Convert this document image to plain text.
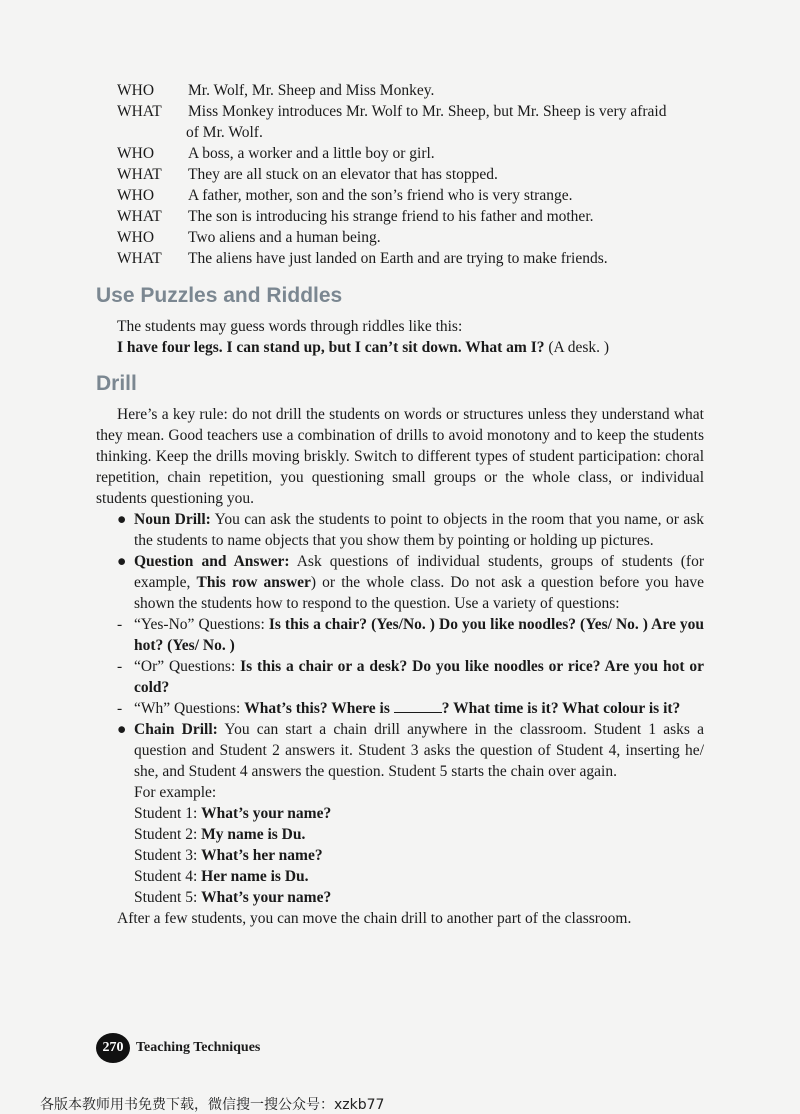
WHO	Mr. Wolf, Mr. Sheep and Miss Monkey.
WHAT	Miss Monkey introduces Mr. Wolf to Mr. Sheep, but Mr. Sheep is very afraid
of Mr. Wolf.
WHO	A boss, a worker and a little boy or girl.
WHAT	They are all stuck on an elevator that has stopped.
WHO	A father, mother, son and the son’s friend who is very strange.
WHAT	The son is introducing his strange friend to his father and mother.
WHO	Two aliens and a human being.
WHAT	The aliens have just landed on Earth and are trying to make friends.
Use Puzzles and Riddles
The students may guess words through riddles like this:
I have four legs. I can stand up, but I can’t sit down. What am I? (A desk. )
Drill
Here’s a key rule: do not drill the students on words or structures unless they understand what they mean. Good teachers use a combination of drills to avoid monotony and to keep the students thinking. Keep the drills moving briskly. Switch to different types of student participation: choral repetition, chain repetition, you questioning small groups or the whole class, or individual students questioning you.
● Noun Drill: You can ask the students to point to objects in the room that you name, or ask the students to name objects that you show them by pointing or holding up pictures.
● Question and Answer: Ask questions of individual students, groups of students (for example, This row answer) or the whole class. Do not ask a question before you have shown the students how to respond to the question. Use a variety of questions:
- “Yes-No” Questions: Is this a chair? (Yes/No. ) Do you like noodles? (Yes/ No. ) Are you hot? (Yes/ No. )
- “Or” Questions: Is this a chair or a desk? Do you like noodles or rice? Are you hot or cold?
- “Wh” Questions: What’s this? Where is	? What time is it? What colour is it?
● Chain Drill: You can start a chain drill anywhere in the classroom. Student 1 asks a question and Student 2 answers it. Student 3 asks the question of Student 4, inserting he/ she, and Student 4 answers the question. Student 5 starts the chain over again.
For example:
Student 1: What’s your name?
Student 2: My name is Du.
Student 3: What’s her name?
Student 4: Her name is Du.
Student 5: What’s your name?
After a few students, you can move the chain drill to another part of the classroom.
270 Teaching Techniques
各版本教师用书免费下载，微信搜一搜公众号：xzkb77
